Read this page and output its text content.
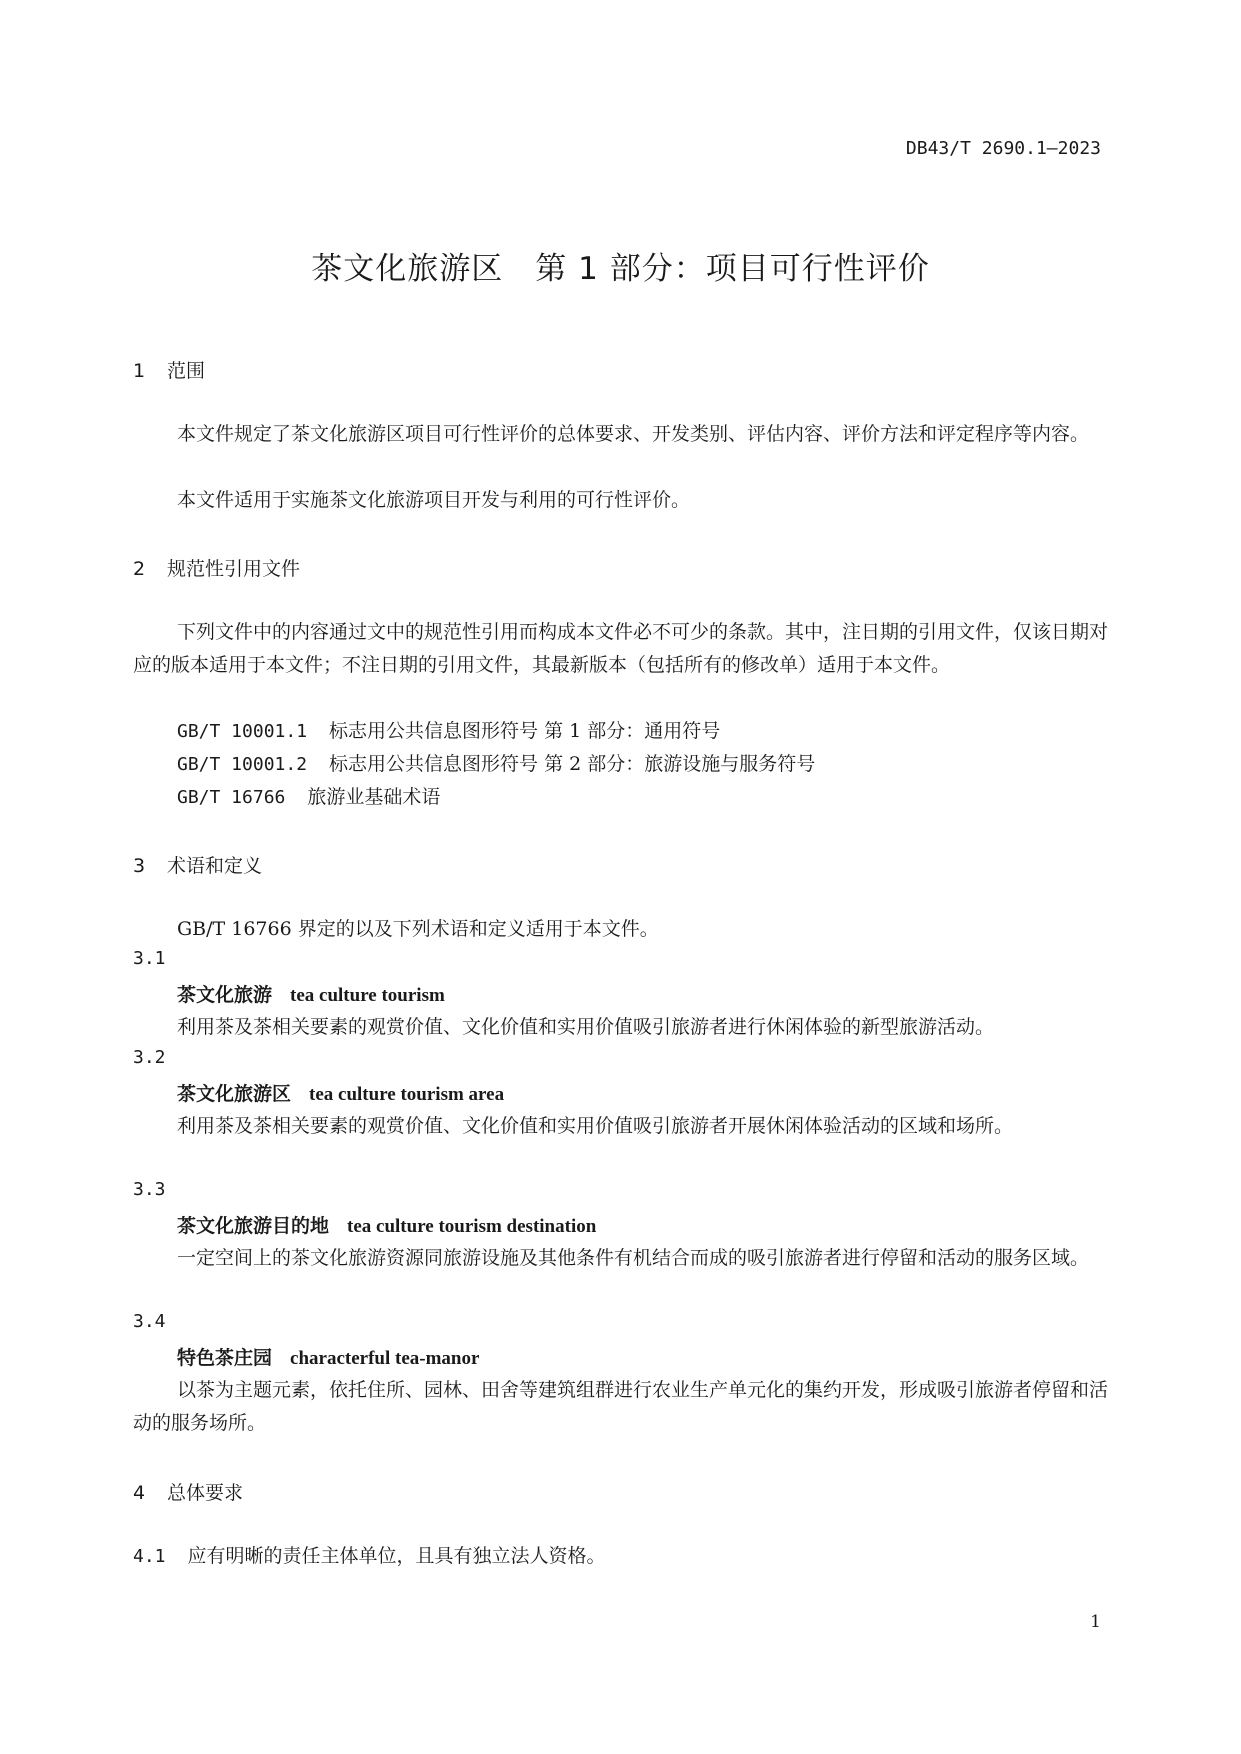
DB43/T 2690.1—2023
茶文化旅游区　第 1 部分：项目可行性评价
1 范围
本文件规定了茶文化旅游区项目可行性评价的总体要求、开发类别、评估内容、评价方法和评定程序等内容。
本文件适用于实施茶文化旅游项目开发与利用的可行性评价。
2 规范性引用文件
下列文件中的内容通过文中的规范性引用而构成本文件必不可少的条款。其中，注日期的引用文件，仅该日期对应的版本适用于本文件；不注日期的引用文件，其最新版本（包括所有的修改单）适用于本文件。
GB/T 10001.1 标志用公共信息图形符号 第 1 部分：通用符号
GB/T 10001.2 标志用公共信息图形符号 第 2 部分：旅游设施与服务符号
GB/T 16766 旅游业基础术语
3 术语和定义
GB/T 16766 界定的以及下列术语和定义适用于本文件。
3.1
茶文化旅游 tea culture tourism
利用茶及茶相关要素的观赏价值、文化价值和实用价值吸引旅游者进行休闲体验的新型旅游活动。
3.2
茶文化旅游区 tea culture tourism area
利用茶及茶相关要素的观赏价值、文化价值和实用价值吸引旅游者开展休闲体验活动的区域和场所。
3.3
茶文化旅游目的地 tea culture tourism destination
一定空间上的茶文化旅游资源同旅游设施及其他条件有机结合而成的吸引旅游者进行停留和活动的服务区域。
3.4
特色茶庄园 characterful tea-manor
以茶为主题元素，依托住所、园林、田舍等建筑组群进行农业生产单元化的集约开发，形成吸引旅游者停留和活动的服务场所。
4 总体要求
4.1 应有明晰的责任主体单位，且具有独立法人资格。
1
